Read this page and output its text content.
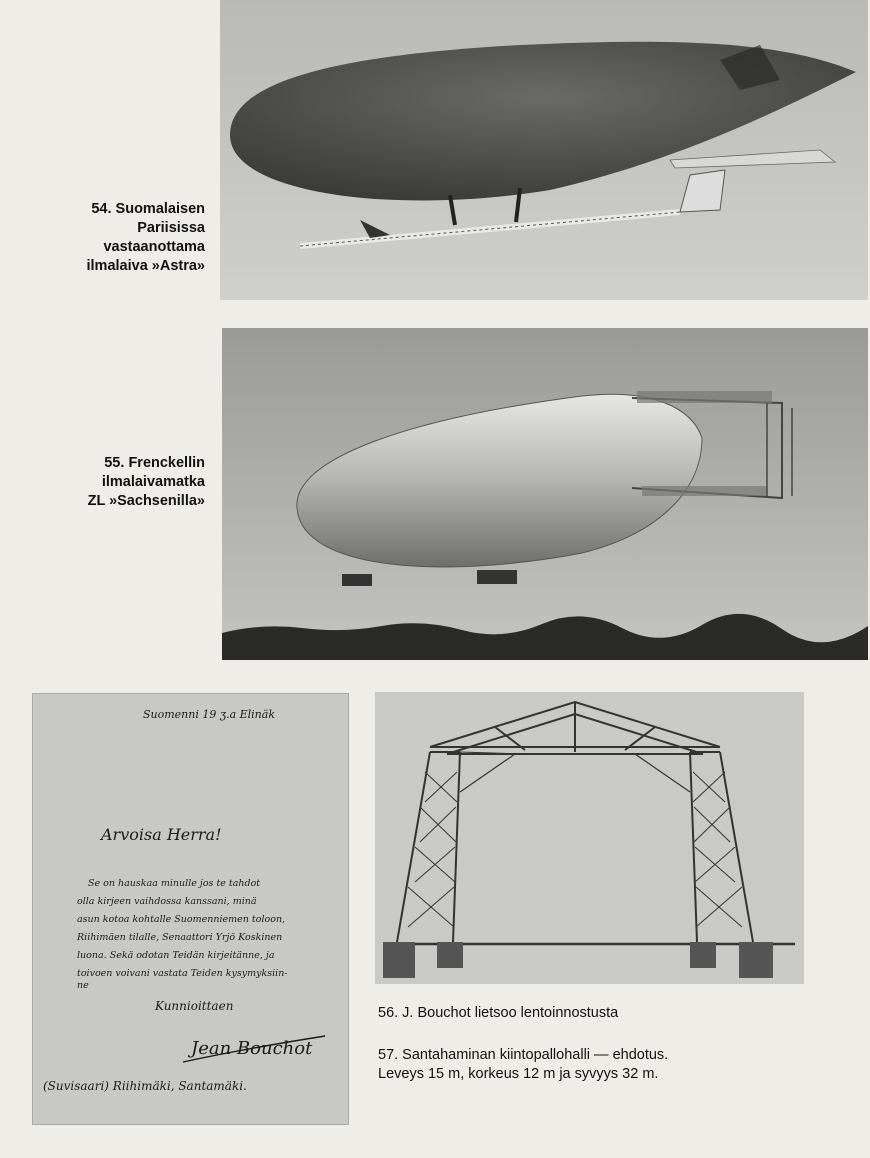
54. Suomalaisen
Pariisissa
vastaanottama
ilmalaiva »Astra»
55. Frenckellin
ilmalaivamatka
ZL »Sachsenilla»
Suomenni 19 ʒ.a Elinäk
Arvoisa Herra!
Se on hauskaa minulle jos te tahdot
olla kirjeen vaihdossa kanssani, minä
asun kotoa kohtalle Suomenniemen toloon,
Riihimäen tilalle, Senaattori Yrjö Koskinen
luona. Sekä odotan Teidän kirjeitänne, ja
toivoen voivani vastata Teiden kysymyksiin-
ne
Kunnioittaen
Jean Bouchot
(Suvisaari) Riihimäki, Santamäki.
56. J. Bouchot lietsoo lentoinnostusta
57. Santahaminan kiintopallohalli — ehdotus.
Leveys 15 m, korkeus 12 m ja syvyys 32 m.
